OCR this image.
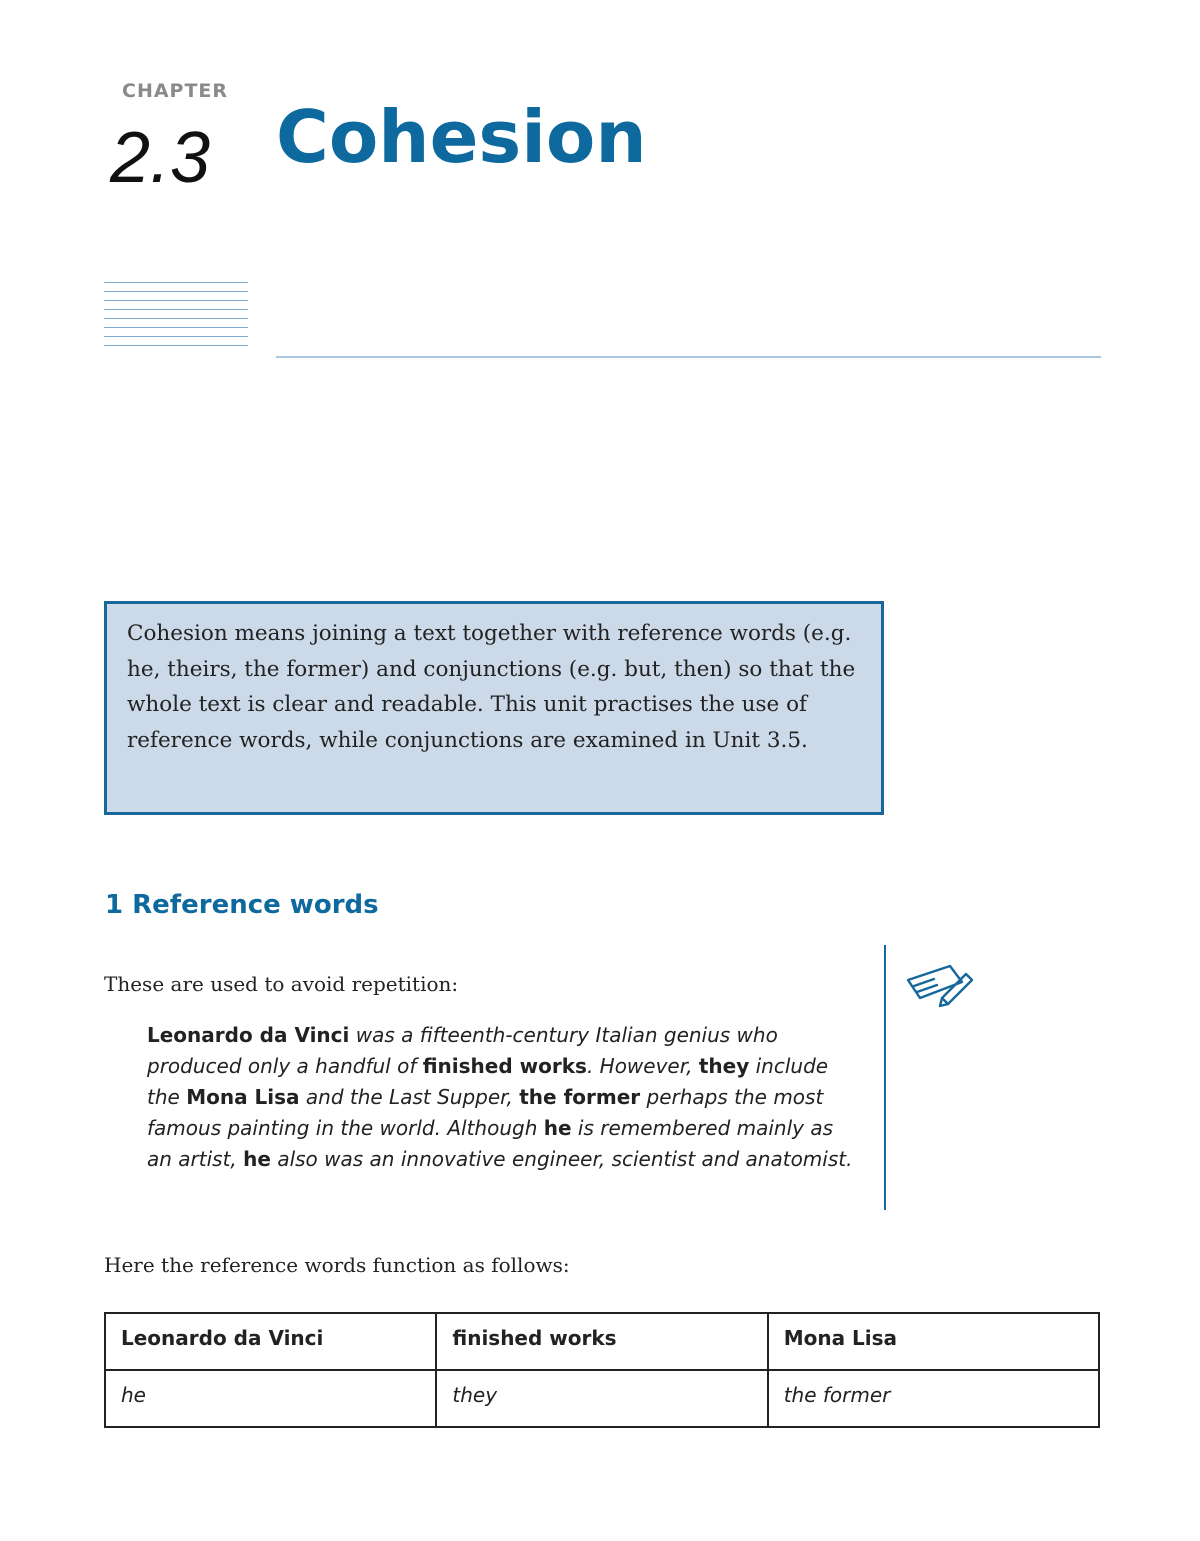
CHAPTER
2.3 Cohesion

Cohesion means joining a text together with reference words (e.g. he, theirs, the former) and conjunctions (e.g. but, then) so that the whole text is clear and readable. This unit practises the use of reference words, while conjunctions are examined in Unit 3.5.

1 Reference words
These are used to avoid repetition:

Leonardo da Vinci was a fifteenth-century Italian genius who produced only a handful of finished works. However, they include the Mona Lisa and the Last Supper, the former perhaps the most famous painting in the world. Although he is remembered mainly as an artist, he also was an innovative engineer, scientist and anatomist.

Here the reference words function as follows:
Leonardo da Vinci	finished works	Mona Lisa
he	they	the former
